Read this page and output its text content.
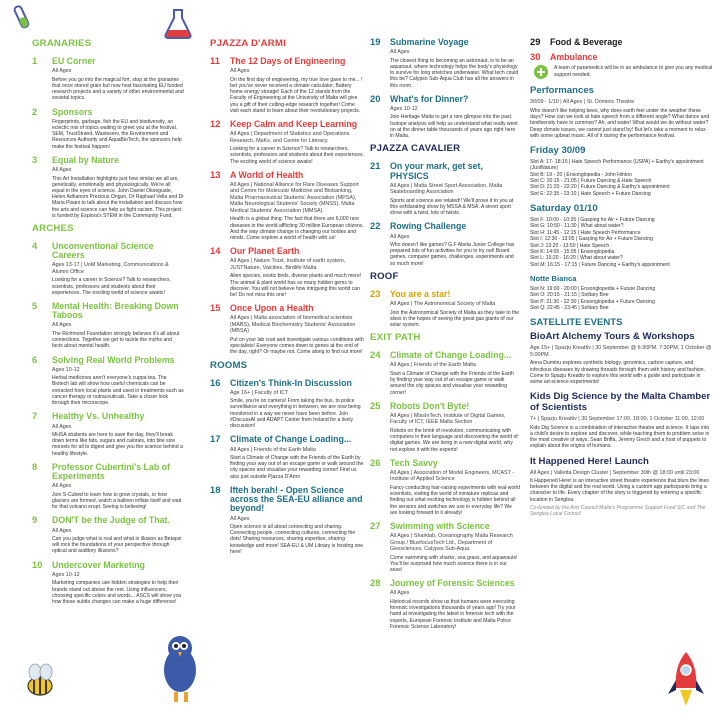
GRANARIES
1	EU Corner
All Ages
Before you go into the magical fort, stop at the granaries that once stored grain but now host fascinating EU funded research projects and a variety of other environmental and societal topics.
2	Sponsors
Fingerprints, garbage, fish the EU and biodiversity, an eclectic mix of topics waiting to greet you at the festival. SEM, TrustStrand, Wasteserv, the Environment and Resources Authority and AquaBioTech, the sponsors help make the festival happen!
3	Equal by Nature
All Ages
This Art Installation highlights just how similar we all are, genetically, emotionally and physiologically. We're all equal in the eyes of science. John Daniel Okoeguale, Helen Adhanom Precious Ongun, Dr Raphael Vella and Dr Maria Pisani to talk about the installation and discuss how the arts and science can help us fight racism. This project is funded by Esplora's STEM in the Community Fund.
ARCHES
4	Unconventional Science Careers
Ages 13-17 | UoM Marketing, Communications & Alumni Office
Looking for a career in Science? Talk to researchers, scientists, professors and students about their experiences. The exciting world of science awaits!
5	Mental Health: Breaking Down Taboos
All Ages
The Richmond Foundation strongly believes it's all about connections. Together we get to tackle the myths and facts about mental health.
6	Solving Real World Problems
Ages 10-12
Herbal medicines aren't everyone's cuppa tea. The Biotech lab will show how useful chemicals can be extracted from local plants and used in treatments such as cancer therapy or nutraceuticals. Take a closer look through their microscope.
7	Healthy Vs. Unhealthy
All Ages
MHSA students are here to save the day, they'll break down terms like fats, sugars and calories, into bite size morsels for all to digest and give you the science behind a healthy lifestyle.
8	Professor Cubertini's Lab of Experiments
All Ages
Join S-Cubed to learn how to grow crystals, or how glaciers are formed, watch a balloon inflate itself and wait for that volcano erupt. Seeing is believing!
9	DON'T be the Judge of That.
All Ages
Can you judge what is real and what is illusion as Betapsi will rock the foundations of your perspective through optical and auditory illusions?
10	Undercover Marketing
Ages 10-12
Marketing companies use hidden strategies to help their brands stand out above the rest. Using influencers, choosing specific colors and words... ASCS will show you how these subtle changes can make a huge difference!
PJAZZA D'ARMI
11	The 12 Days of Engineering
All Ages
On the first day of engineering, my true love gave to me... ! bet you've never received a climate calculator, Battery home energy storage! Each of the 12 stands from the Faculty of Engineering at the University of Malta will give you a gift of their cutting-edge research together! Come visit each stand to learn about their revolutionary projects.
12	Keep Calm and Keep Learning
All Ages | Department of Statistics and Operations Research, MaKs, and Centre for Literacy
Looking for a career in Science? Talk to researchers, scientists, professors and students about their experiences. The exciting world of science awaits!
13	A World of Health
All Ages | National Alliance for Rare Diseases Support and Centre for Molecular Medicine and Biobanking, Malta Pharmaceutical Students' Association (MPSA), Malta Neurological Students' Society (MNSS), Malta Medical Students' Association (MMSA).
Health is a global thing. The fact that there are 6,000 rare diseases in the world afflicting 30 million European citizens. And the way climate change is changing our bodies and minds. Come explore a world of health with us!
14	Our Planet Earth
All Ages | Nature Trust, Institute of earth system, JUSTNature, Vaicities, Birdlife Malta
Alien species, exotic birds, diverse plants and much more! The animal & plant world has so many hidden gems to discover. You will not believe how intriguing this world can be! Do not miss this one!
15	Once Upon a Health
All Ages | Malta association of biomedical scientists (MABS), Medical Biochemistry Students' Association (MBSA)
Put on your lab coat and investigate various conditions with specialists! Everyone comes down to genes at the end of the day, right? Or maybe not. Come along to find out more!
ROOMS
16	Citizen's Think-In Discussion
Age 16+ | Faculty of ICT
Smile, you're on camera! From taking the bus, to police surveillance and everything in between, we are now being monitored in a way we never have been before. Join #DiscussAI and ADAPT Center from Ireland for a lively discussion!
17	Climate of Change Loading...
All Ages | Friends of the Earth Malta
Start a Climate of Change with the Friends of the Earth by finding your way out of an escape game or walk around the city spaces and visualise your rewarding corner! Find us also just outside Pjazza D'Armi
18	Ifteh berah! - Open Science across the SEA-EU alliance and beyond!
All Ages
Open science is all about connecting and sharing. Connecting people, connecting cultures, connecting the dots! Sharing resources, sharing expertise, sharing knowledge and more! SEA-EU & UM Library is hosting one here!
19	Submarine Voyage
All Ages
The closest thing to becoming an astronaut, is to be an aquanaut, where technology helps the body's physiology to survive for long stretches underwater. What tech could this be? Calypso Sub-Aqua Club has all the answers in this room.
20	What's for Dinner?
Ages 10-12
Join Heritage Malta to get a rare glimpse into the past. Isotope analysis will help us understand what really went on at the dinner table thousands of years ago right here in Malta.
PJAZZA CAVALIER
21	On your mark, get set, PHYSICS
All Ages | Malta Street Sport Association, Malta Skateboarding Association
Sports and science are related!! We'll prove it to you at this exhilarating show by MSSA & MSA. A street sport show with a twist, lots of twists.
22	Rowing Challenge
All Ages
Who doesn't like games? G.F Abela Junior College has prepared lots of fun activities for you to try out! Board games, computer games, challenges, experiments and so much more!
ROOF
23	You are a star!
All Ages | The Astronomical Society of Malta
Join the Astronomical Society of Malta as they take to the skies in the hopes of seeing the great gas giants of our solar system.
EXIT PATH
24	Climate of Change Loading...
All Ages | Friends of the Earth Malta
Start a Climate of Change with the Friends of the Earth by finding your way out of an escape game or walk around the city spaces and visualise your rewarding corner!
25	Robots Don't Byte!
All Ages | MissInTech, Institute of Digital Games, Faculty of ICT, IEEE Malta Section
Robots on the brink of revolution, communicating with computers in their language and discovering the world of digital games. We are living in a new digital world, why not explore it with the experts!
26	Tech Savvy
All Ages | Association of Model Engineers, MCAST - Institute of Applied Science
Fancy conducting hair-raising experiments with real-world scientists, visiting the world of miniature replicas and finding out what exciting technology is hidden behind all the sensors and switches we use in everyday life? We are looking forward to it already!
27	Swimming with Science
All Ages | Sharklab, Oceanography Malta Research Group / BluefocusTech Ltd., Department of Geosciences, Calypso Sub-Aqua
Come swimming with sharks, sea grass, and aquanauts! You'll be surprised how much science there is in our seas!
28	Journey of Forensic Sciences
All Ages
Historical records show us that humans were executing forensic investigations thousands of years ago! Try your hand at investigating the latest in forensic tech with the experts, European Forensic Institute and Malta Police Forensic Science Laboratory!
29	Food & Beverage
30	Ambulance
A team of paramedics will be in an ambulance to give you any medical support needed.
Performances
30/09 - 1/10 | All Ages | St. Dominic Theatre
Who doesn't like helping bees, why does earth feel under the weather these days? How can we look at hate speech from a different angle? What dance and biodiversity have in common? Ah, and water! What would we do without water? Deep climate issues, we cannot just stand by! But let's take a moment to relax with some upbeat music. All of it during the performance festival.
Friday 30/09
Slot A: 17- 18:15 | Hate Speech Performance (USPA) + Earthy's appointment (JustNature)
Slot B: 19 - 20 | Ensonglopedia - John Hinton
Slot C: 20:15 - 21:05 | Future Dancing & Hate Speech
Slot D: 21:20 - 22:20 | Future Dancing & Earthy's appointment
Slot E: 22:35 - 23:10 | Hate Speech + Future Dancing
Saturday 01/10
Slot F: 10:00 - 10:35 | Gasping for Air + Future Dancing
Slot G: 10:50 - 11:30 | What about water?
Slot H: 11:45 - 12:15 | Hate Speech Performance
Slot I: 12:30 - 13:05 | Gasping for Air + Future Dancing
Slot J: 13:20 - 13:50 | Hate Speech
Slot K: 14:05 - 15:05 | Ensonglopedia
Slot L: 15:20 - 16:20 | What about water?
Slot M: 16:15 - 17:15 | Future Dancing + Earthy's appointment
Notte Bianca
Slot N: 19:00 - 20:00 | Ensonglopedia + Future Dancing
Slot O: 20:15 - 21:15 | Solitary Bee
Slot P: 21:30 - 22:30 | Ensonglopedia + Future Dancing
Slot Q: 22:45 - 23:45 | Solitary Bee
SATELLITE EVENTS
BioArt Alchemy Tours & Workshops
Age 15+ | Spazju Kreattiv | 30 September @ 6:30PM, 7:30PM, 1 October @ 5:00PM.
Anna Dumitru explores synthetic biology, genomics, carbon capture, and infectious diseases by drawing threads through them with history and fashion. Come to Spazju Kreattiv to explore this world with a guide and participate in some art-science experiments!
Kids Dig Science by the Malta Chamber of Scientists
7+ | Spazju Kreattiv | 30 September 17:00, 18:00, 1 October 11:00, 12:00
Kids Dig Science is a combination of interactive theatre and science. It taps into a child's desire to explore and discover, while teaching them to problem solve in the most creative of ways. Sean Briffa, Jeremy Grech and a host of puppets to explain about the origins of humans.
It Happened Here! Launch
All Ages | Valletta Design Cluster | September 30th @ 18:00 until 23:00
It Happened Here! is an interactive street theatre experience that blurs the lines between the digital and the real world. Using a custom app participants bring a character to life. Every chapter of the story is triggered by entering a specific location in Senglea.
Co-funded by the Arts Council Malta's Programme Support Fund SIC and The Senglea Local Council
